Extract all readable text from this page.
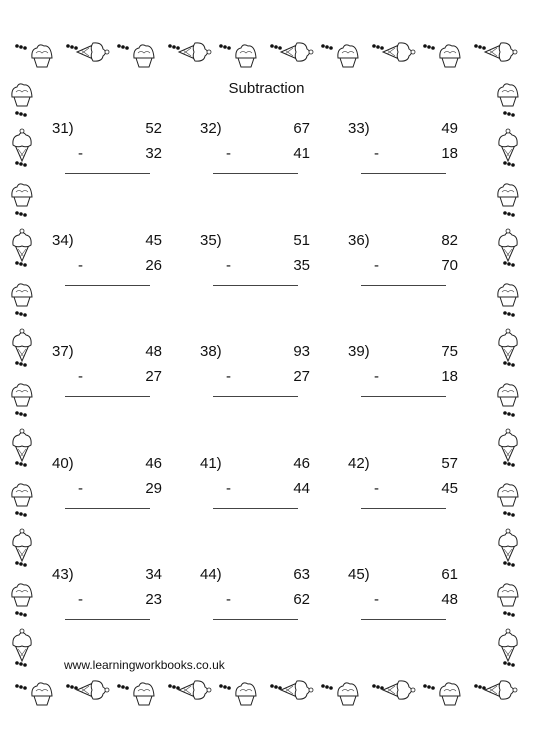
Subtraction
31)	52
-	32
32)	67
-	41
33)	49
-	18
34)	45
-	26
35)	51
-	35
36)	82
-	70
37)	48
-	27
38)	93
-	27
39)	75
-	18
40)	46
-	29
41)	46
-	44
42)	57
-	45
43)	34
-	23
44)	63
-	62
45)	61
-	48
www.learningworkbooks.co.uk
